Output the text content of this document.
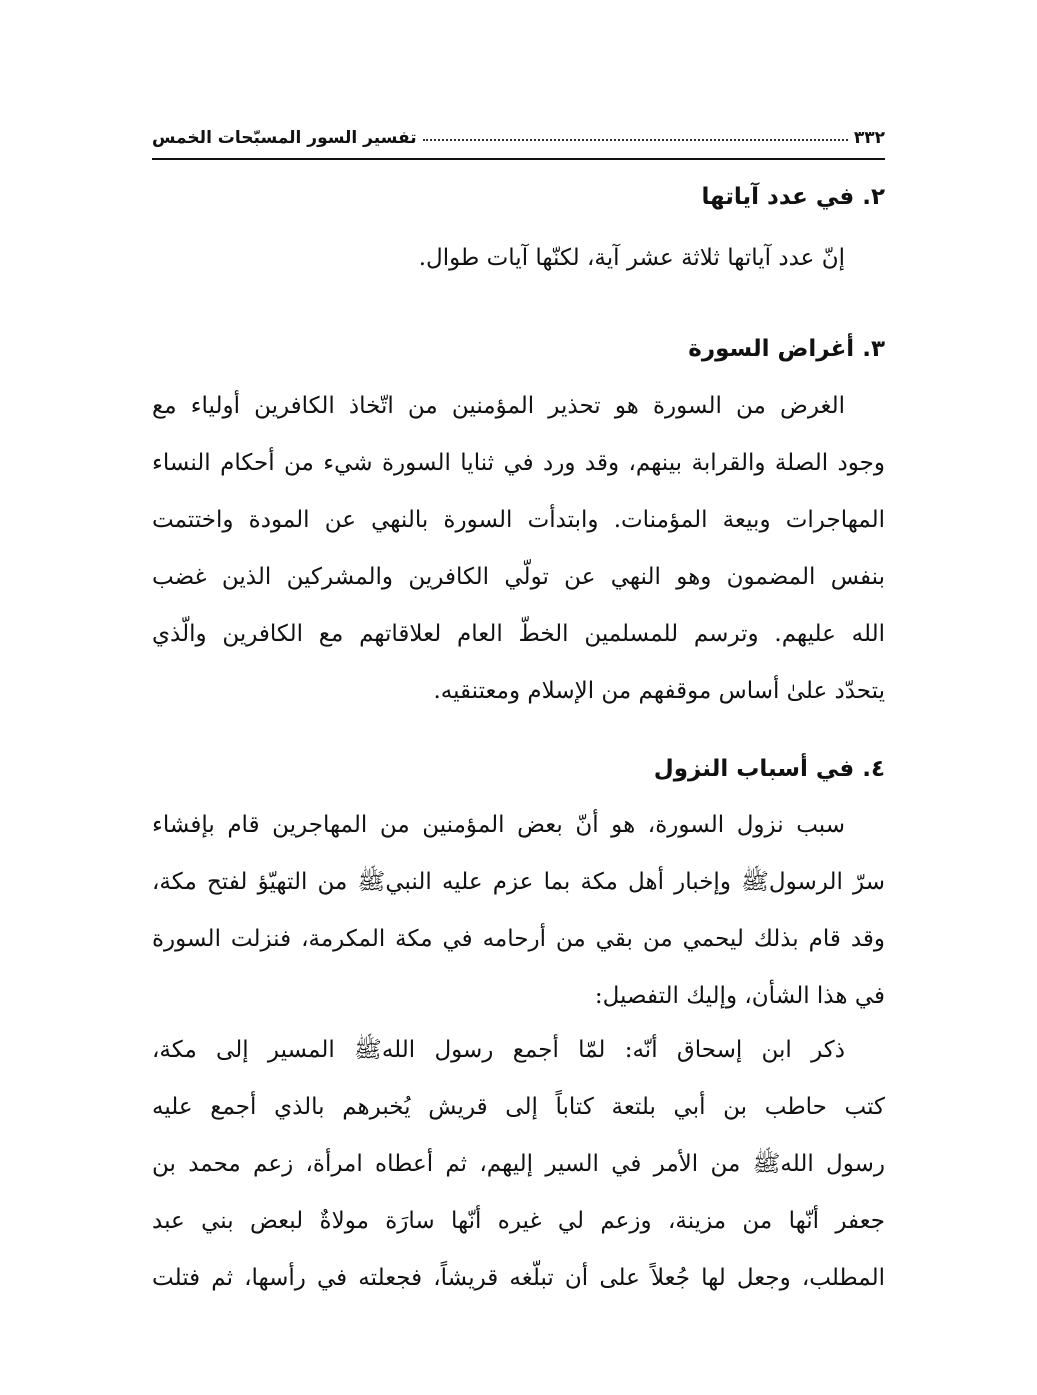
٣٣٢
تفسير السور المسبّحات الخمس
٢. في عدد آياتها
إنّ عدد آياتها ثلاثة عشر آية، لكنّها آيات طوال.
٣. أغراض السورة
الغرض من السورة هو تحذير المؤمنين من اتّخاذ الكافرين أولياء مع
وجود الصلة والقرابة بينهم، وقد ورد في ثنايا السورة شيء من أحكام النساء
المهاجرات وبيعة المؤمنات. وابتدأت السورة بالنهي عن المودة واختتمت
بنفس المضمون وهو النهي عن تولّي الكافرين والمشركين الذين غضب
الله عليهم. وترسم للمسلمين الخطّ العام لعلاقاتهم مع الكافرين والّذي
يتحدّد علىٰ أساس موقفهم من الإسلام ومعتنقيه.
٤. في أسباب النزول
سبب نزول السورة، هو أنّ بعض المؤمنين من المهاجرين قام بإفشاء
سرّ الرسولﷺ وإخبار أهل مكة بما عزم عليه النبيﷺ من التهيّؤ لفتح مكة،
وقد قام بذلك ليحمي من بقي من أرحامه في مكة المكرمة، فنزلت السورة
في هذا الشأن، وإليك التفصيل:
ذكر ابن إسحاق أنّه: لمّا أجمع رسول اللهﷺ المسير إلى مكة،
كتب حاطب بن أبي بلتعة كتاباً إلى قريش يُخبرهم بالذي أجمع عليه
رسول اللهﷺ من الأمر في السير إليهم، ثم أعطاه امرأة، زعم محمد بن
جعفر أنّها من مزينة، وزعم لي غيره أنّها سارَة مولاةٌ لبعض بني عبد
المطلب، وجعل لها جُعلاً على أن تبلّغه قريشاً، فجعلته في رأسها، ثم فتلت
